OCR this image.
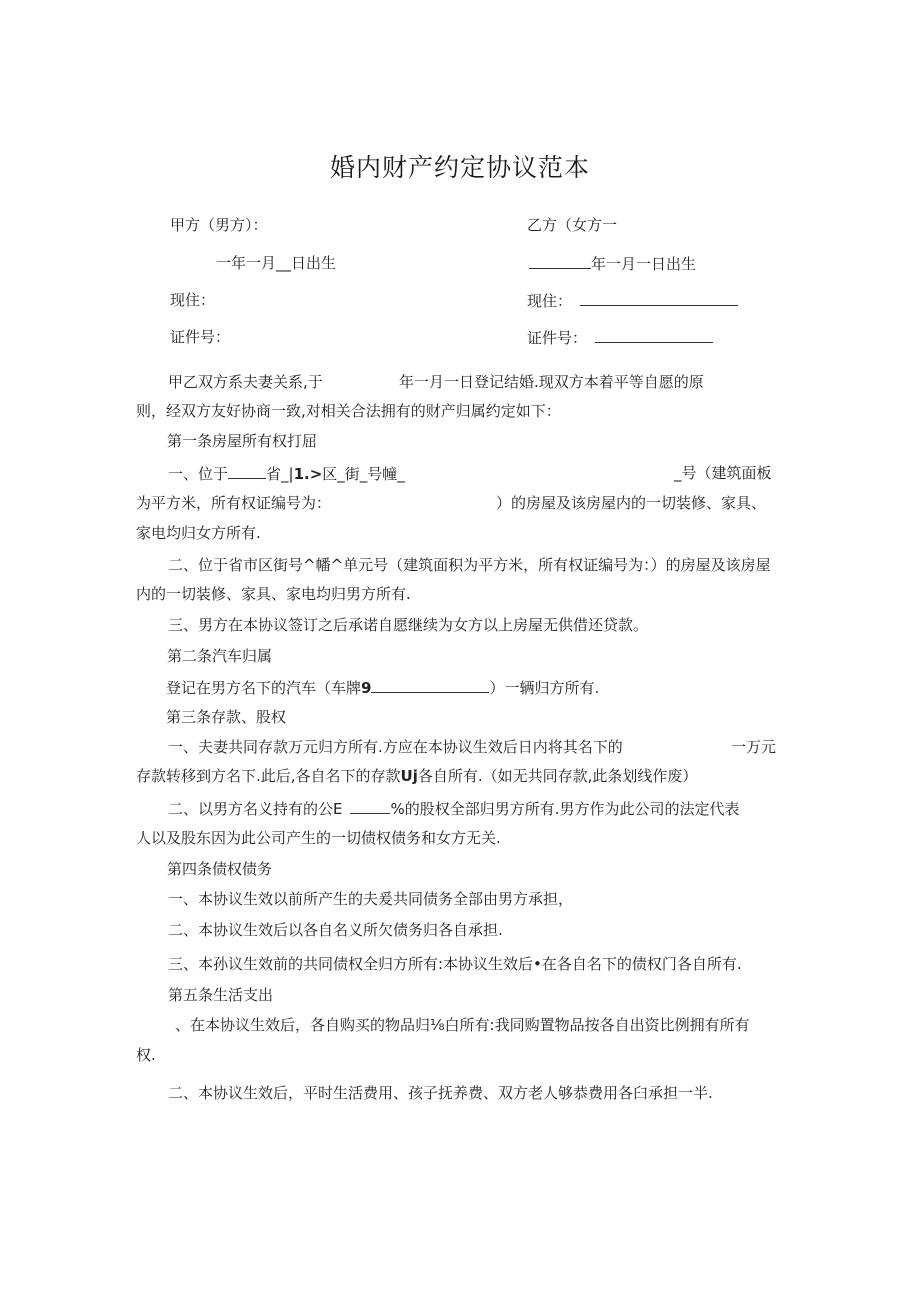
婚内财产约定协议范本
甲方（男方）：	乙方（女方一
一年一月__日出生	年一月一日出生
现住：	现住：
证件号：	证件号：
甲乙双方系夫妻关系,于	年一月一日登记结婚.现双方本着平等自愿的原
则，经双方友好协商一致,对相关合法拥有的财产归属约定如下：
第一条房屋所有权打屈
一、位于	省_|1.>区_街_号幢_	_号（建筑面板
为平方米，所有权证编号为：	）的房屋及该房屋内的一切装修、家具、
家电均归女方所有.
二、位于省市区街号^幡^单元号（建筑面积为平方米，所有权证编号为：）的房屋及该房屋
内的一切装修、家具、家电均归男方所有.
三、男方在本协议签订之后承诺自愿继续为女方以上房屋无供借还贷款。
第二条汽车归属
登记在男方名下的汽车（车牌9	）一辆归方所有.
第三条存款、股权
一、夫妻共同存款万元归方所有.方应在本协议生效后日内将其名下的	一万元
存款转移到方名下.此后,各自名下的存款Uj各自所有.（如无共同存款,此条划线作废）
二、以男方名义持有的公E	%的股权全部归男方所有.男方作为此公司的法定代表
人以及股东因为此公司产生的一切债权债务和女方无关.
第四条债权债务
一、本协议生效以前所产生的夫爰共同债务全部由男方承担，
二、本协议生效后以各自名义所欠债务归各自承担.
三、本孙议生效前的共同债权全归方所有:本协议生效后•在各自名下的债权门各自所有.
第五条生活支出
、在本协议生效后，各自购买的物品归⅛白所有:我同购置物品按各自出资比例拥有所有
权.
二、本协议生效后，平时生活费用、孩子抚养费、双方老人够恭费用各臼承担一半.
